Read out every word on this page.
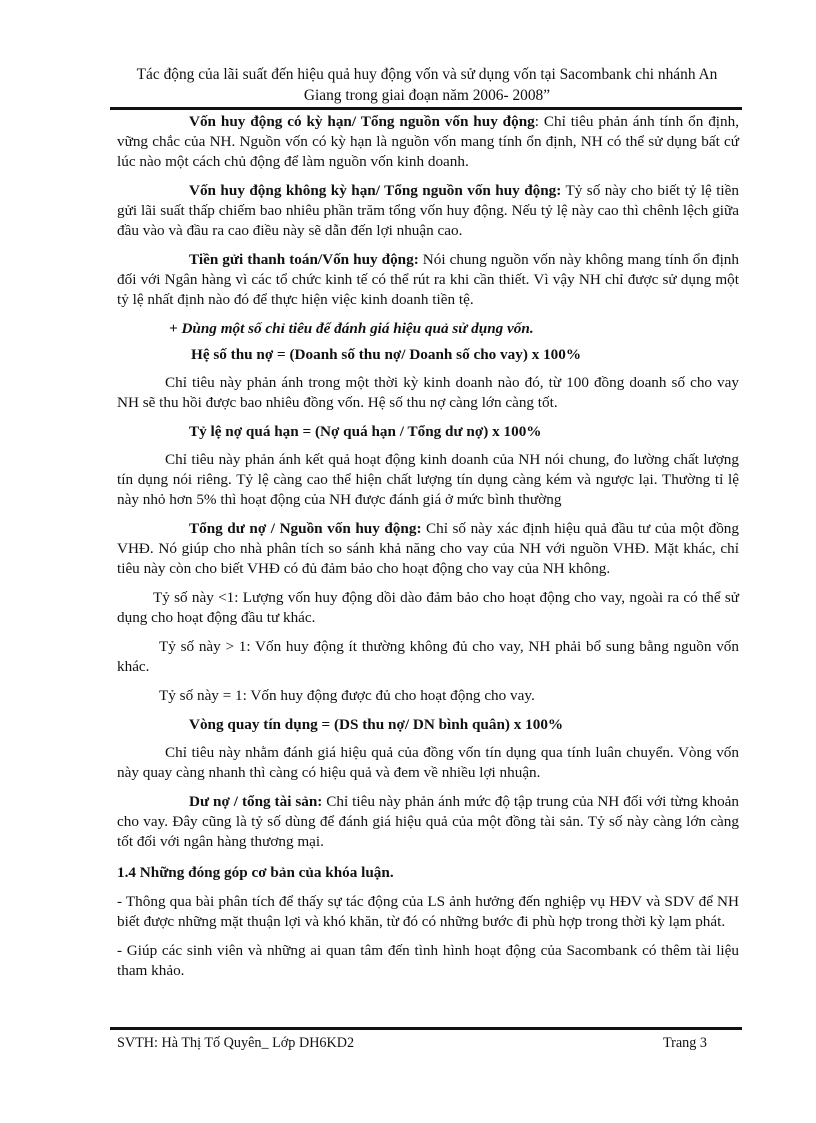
Tác động của lãi suất đến hiệu quả huy động vốn và sử dụng vốn tại Sacombank chi nhánh An
Giang trong giai đoạn năm 2006- 2008”

Vốn huy động có kỳ hạn/ Tổng nguồn vốn huy động: Chỉ tiêu phản ánh tính ổn định, vững chắc của NH. Nguồn vốn có kỳ hạn là nguồn vốn mang tính ổn định, NH có thể sử dụng bất cứ lúc nào một cách chủ động để làm nguồn vốn kinh doanh.

Vốn huy động không kỳ hạn/ Tổng nguồn vốn huy động: Tỷ số này cho biết tỷ lệ tiền gửi lãi suất thấp chiếm bao nhiêu phần trăm tổng vốn huy động. Nếu tỷ lệ này cao thì chênh lệch giữa đầu vào và đầu ra cao điều này sẽ dẫn đến lợi nhuận cao.

Tiền gửi thanh toán/Vốn huy động: Nói chung nguồn vốn này không mang tính ổn định đối với Ngân hàng vì các tổ chức kinh tế có thể rút ra khi cần thiết. Vì vậy NH chỉ được sử dụng một tỷ lệ nhất định nào đó để thực hiện việc kinh doanh tiền tệ.

+ Dùng một số chỉ tiêu để đánh giá hiệu quả sử dụng vốn.

Hệ số thu nợ = (Doanh số thu nợ/ Doanh số cho vay) x 100%

Chỉ tiêu này phản ánh trong một thời kỳ kinh doanh nào đó, từ 100 đồng doanh số cho vay NH sẽ thu hồi được bao nhiêu đồng vốn. Hệ số thu nợ càng lớn càng tốt.

Tỷ lệ nợ quá hạn = (Nợ quá hạn / Tổng dư nợ) x 100%

Chỉ tiêu này phản ánh kết quả hoạt động kinh doanh của NH nói chung, đo lường chất lượng tín dụng nói riêng. Tỷ lệ càng cao thể hiện chất lượng tín dụng càng kém và ngược lại. Thường tỉ lệ này nhỏ hơn 5% thì hoạt động của NH được đánh giá ở mức bình thường

Tổng dư nợ / Nguồn vốn huy động: Chỉ số này xác định hiệu quả đầu tư của một đồng VHĐ. Nó giúp cho nhà phân tích so sánh khả năng cho vay của NH với nguồn VHĐ. Mặt khác, chỉ tiêu này còn cho biết VHĐ có đủ đảm bảo cho hoạt động cho vay của NH không.

Tỷ số này <1: Lượng vốn huy động dồi dào đảm bảo cho hoạt động cho vay, ngoài ra có thể sử dụng cho hoạt động đầu tư khác.

Tỷ số này > 1: Vốn huy động ít thường không đủ cho vay, NH phải bổ sung bằng nguồn vốn khác.

Tỷ số này = 1: Vốn huy động được đủ cho hoạt động cho vay.

Vòng quay tín dụng = (DS thu nợ/ DN bình quân) x 100%

Chỉ tiêu này nhằm đánh giá hiệu quả của đồng vốn tín dụng qua tính luân chuyển. Vòng vốn này quay càng nhanh thì càng có hiệu quả và đem về nhiều lợi nhuận.

Dư nợ / tổng tài sản: Chỉ tiêu này phản ánh mức độ tập trung của NH đối với từng khoản cho vay. Đây cũng là tỷ số dùng để đánh giá hiệu quả của một đồng tài sản. Tỷ số này càng lớn càng tốt đối với ngân hàng thương mại.

1.4 Những đóng góp cơ bản của khóa luận.

- Thông qua bài phân tích để thấy sự tác động của LS ảnh hưởng đến nghiệp vụ HĐV và SDV để NH biết được những mặt thuận lợi và khó khăn, từ đó có những bước đi phù hợp trong thời kỳ lạm phát.

- Giúp các sinh viên và những ai quan tâm đến tình hình hoạt động của Sacombank có thêm tài liệu tham khảo.

SVTH: Hà Thị Tố Quyên_ Lớp DH6KD2	Trang 3
